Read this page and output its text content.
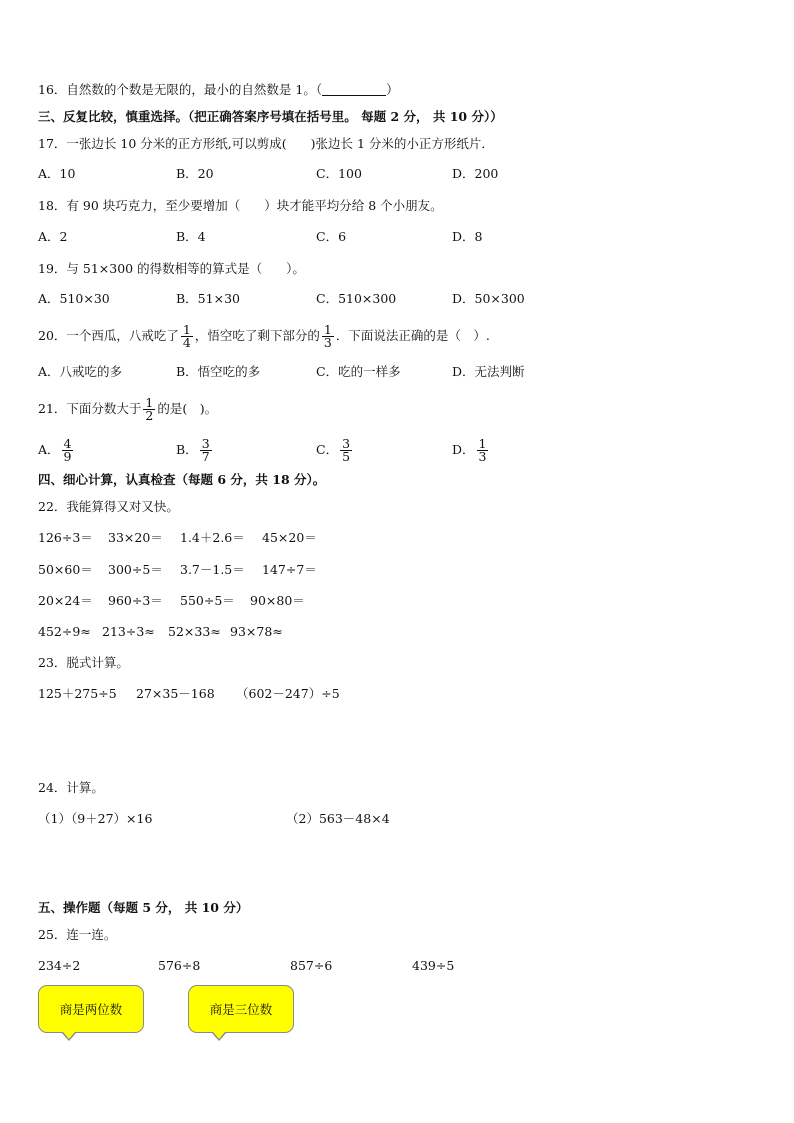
16．自然数的个数是无限的，最小的自然数是 1。（	）
三、反复比较，慎重选择。（把正确答案序号填在括号里。 每题 2 分， 共 10 分））
17．一张边长 10 分米的正方形纸,可以剪成( )张边长 1 分米的小正方形纸片．
A．10	B．20	C．100	D．200
18．有 90 块巧克力，至少要增加（ ）块才能平均分给 8 个小朋友。
A．2	B．4	C．6	D．8
19．与 51×300 的得数相等的算式是（ ）。
A．510×30	B．51×30	C．510×300	D．50×300
20．一个西瓜，八戒吃了 $\frac{1}{4}$ ，悟空吃了剩下部分的 $\frac{1}{3}$ ．下面说法正确的是（　）.
A．八戒吃的多	B．悟空吃的多	C．吃的一样多	D．无法判断
21．下面分数大于 $\frac{1}{2}$ 的是(　)。
A． $\frac{4}{9}$	B． $\frac{3}{7}$	C． $\frac{3}{5}$	D． $\frac{1}{3}$
四、细心计算，认真检查（每题 6 分，共 18 分）。
22．我能算得又对又快。
126÷3＝ 33×20＝ 1.4＋2.6＝ 45×20＝
50×60＝ 300÷5＝ 3.7－1.5＝ 147÷7＝
20×24＝ 960÷3＝ 550÷5＝ 90×80＝
452÷9≈ 213÷3≈ 52×33≈ 93×78≈
23．脱式计算。
125＋275÷5 27×35－168 （602－247）÷5
24．计算。
（1）（9＋27）×16	（2）563－48×4
五、操作题（每题 5 分， 共 10 分）
25．连一连。
234÷2	576÷8	857÷6	439÷5
商是两位数	商是三位数
